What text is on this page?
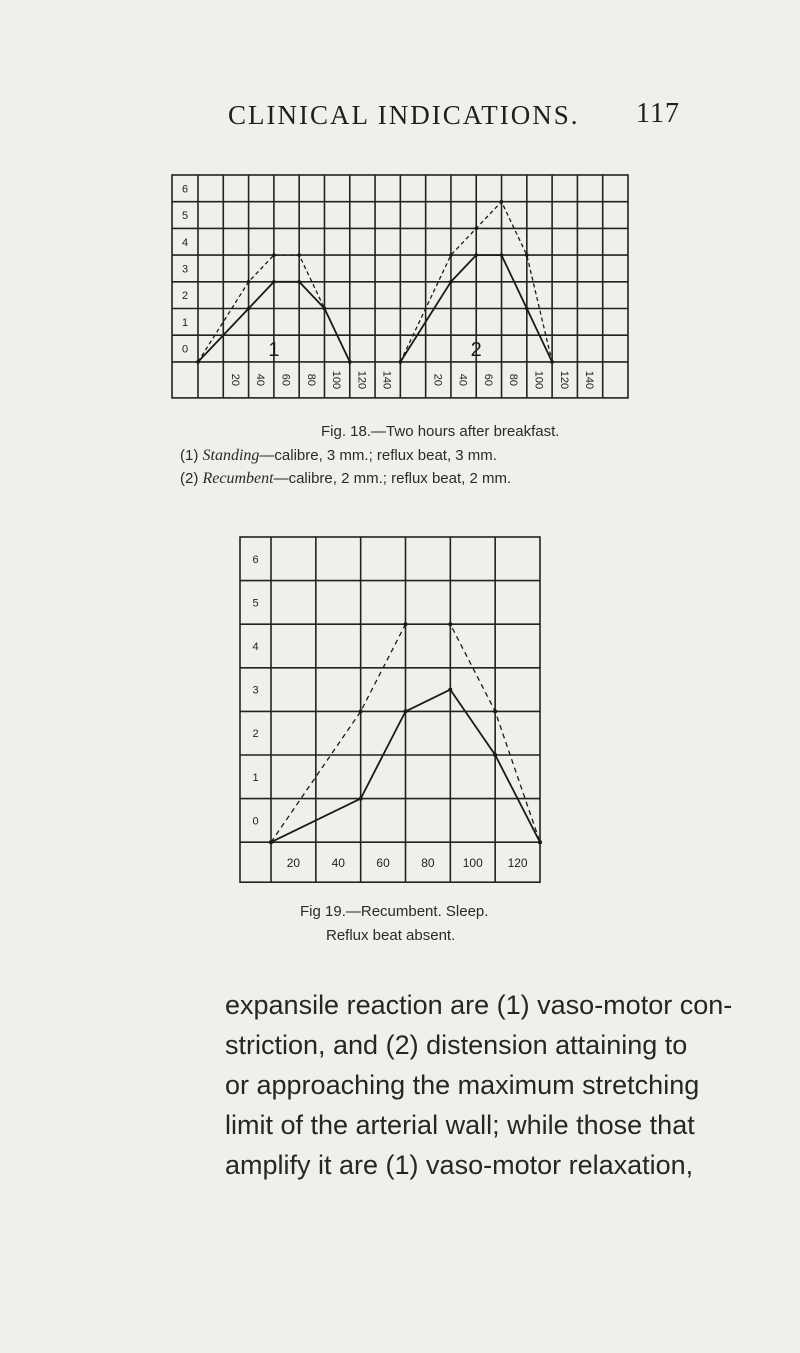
CLINICAL INDICATIONS. 117
6
5
4
3
2
1
0
20 40 60 80 100 120 140	20 40 60 80 100 120 140
1	2
Fig. 18.—Two hours after breakfast.
(1) Standing—calibre, 3 mm.; reflux beat, 3 mm.
(2) Recumbent—calibre, 2 mm.; reflux beat, 2 mm.
6
5
4
3
2
1
0
20	40	60	80 100 120
Fig 19.—Recumbent. Sleep.
Reflux beat absent.

expansile reaction are (1) vaso-motor con-

striction, and (2) distension attaining to

or approaching the maximum stretching

limit of the arterial wall; while those that

amplify it are (1) vaso-motor relaxation,
